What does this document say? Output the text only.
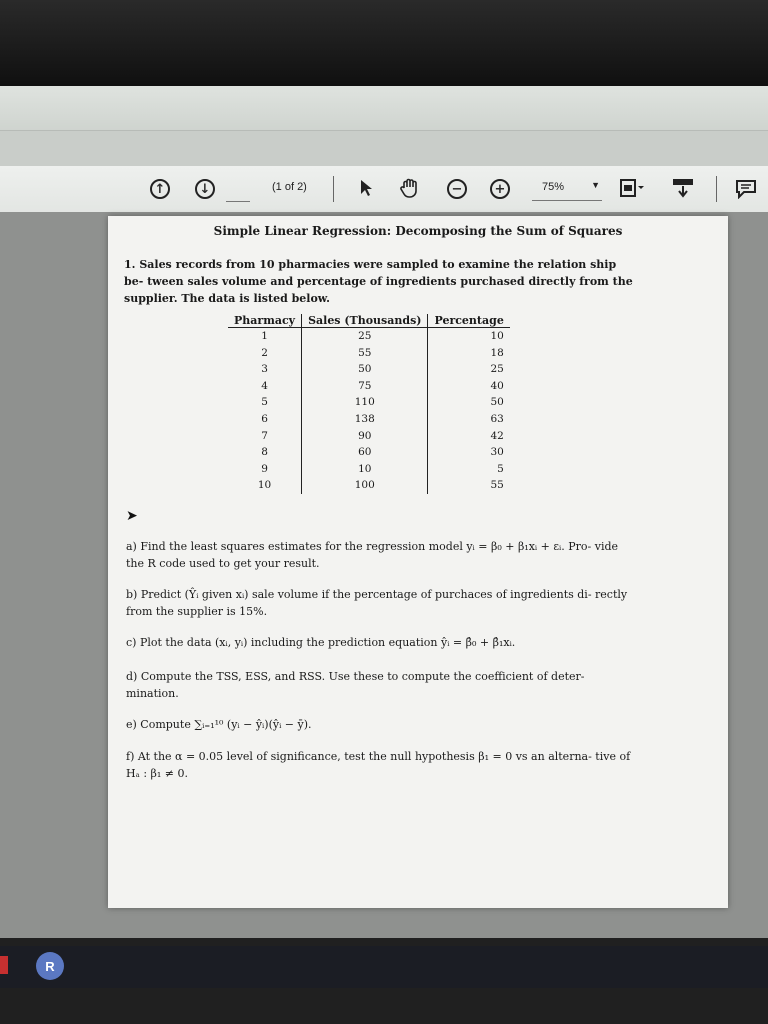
↑	↓	(1 of 2)	−	+	75%	▼
Simple Linear Regression: Decomposing the Sum of Squares
1. Sales records from 10 pharmacies were sampled to examine the relation ship be- tween sales volume and percentage of ingredients purchased directly from the supplier. The data is listed below.
Pharmacy	Sales (Thousands)	Percentage
1	25	10
2	55	18
3	50	25
4	75	40
5	110	50
6	138	63
7	90	42
8	60	30
9	10	5
10	100	55
➤
a) Find the least squares estimates for the regression model yᵢ = β₀ + β₁xᵢ + εᵢ. Pro- vide the R code used to get your result.
b) Predict (Ŷᵢ given xᵢ) sale volume if the percentage of purchaces of ingredients di- rectly from the supplier is 15%.
c) Plot the data (xᵢ, yᵢ) including the prediction equation ŷᵢ = β̂₀ + β̂₁xᵢ.
d) Compute the TSS, ESS, and RSS. Use these to compute the coefficient of deter- mination.
e) Compute ∑ᵢ₌₁¹⁰ (yᵢ − ŷᵢ)(ŷᵢ − ȳ).
f) At the α = 0.05 level of significance, test the null hypothesis β₁ = 0 vs an alterna- tive of Hₐ : β₁ ≠ 0.
R
